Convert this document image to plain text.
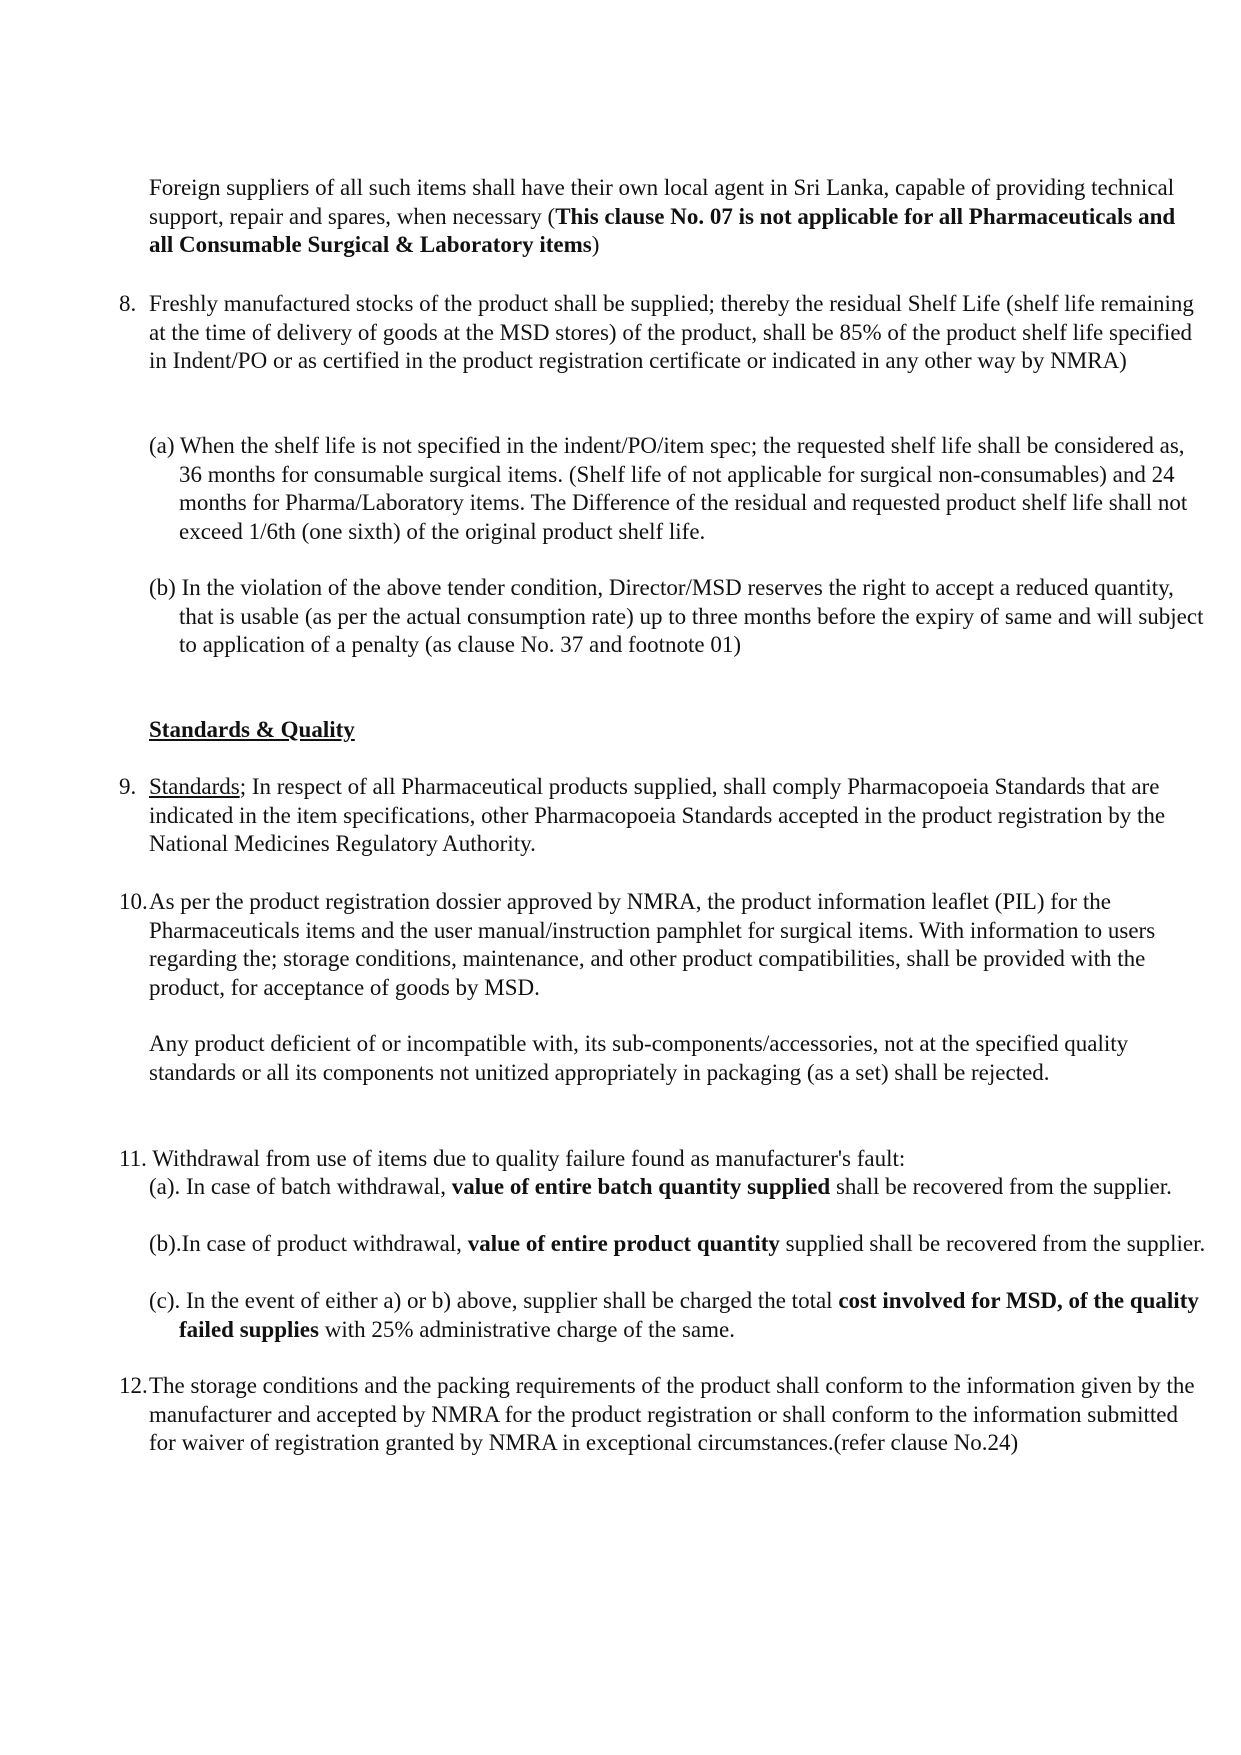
Foreign suppliers of all such items shall have their own local agent in Sri Lanka, capable of providing technical support, repair and spares, when necessary (This clause No. 07 is not applicable for all Pharmaceuticals and all Consumable Surgical & Laboratory items)

8. Freshly manufactured stocks of the product shall be supplied; thereby the residual Shelf Life (shelf life remaining at the time of delivery of goods at the MSD stores) of the product, shall be 85% of the product shelf life specified in Indent/PO or as certified in the product registration certificate or indicated in any other way by NMRA)

(a) When the shelf life is not specified in the indent/PO/item spec; the requested shelf life shall be considered as, 36 months for consumable surgical items. (Shelf life of not applicable for surgical non-consumables) and 24 months for Pharma/Laboratory items. The Difference of the residual and requested product shelf life shall not exceed 1/6th (one sixth) of the original product shelf life.

(b) In the violation of the above tender condition, Director/MSD reserves the right to accept a reduced quantity, that is usable (as per the actual consumption rate) up to three months before the expiry of same and will subject to application of a penalty (as clause No. 37 and footnote 01)

Standards & Quality

9. Standards; In respect of all Pharmaceutical products supplied, shall comply Pharmacopoeia Standards that are indicated in the item specifications, other Pharmacopoeia Standards accepted in the product registration by the National Medicines Regulatory Authority.

10.As per the product registration dossier approved by NMRA, the product information leaflet (PIL) for the Pharmaceuticals items and the user manual/instruction pamphlet for surgical items. With information to users regarding the; storage conditions, maintenance, and other product compatibilities, shall be provided with the product, for acceptance of goods by MSD.

Any product deficient of or incompatible with, its sub-components/accessories, not at the specified quality standards or all its components not unitized appropriately in packaging (as a set) shall be rejected.

11. Withdrawal from use of items due to quality failure found as manufacturer's fault:

(a). In case of batch withdrawal, value of entire batch quantity supplied shall be recovered from the supplier.

(b).In case of product withdrawal, value of entire product quantity supplied shall be recovered from the supplier.

(c). In the event of either a) or b) above, supplier shall be charged the total cost involved for MSD, of the quality failed supplies with 25% administrative charge of the same.

12.The storage conditions and the packing requirements of the product shall conform to the information given by the manufacturer and accepted by NMRA for the product registration or shall conform to the information submitted for waiver of registration granted by NMRA in exceptional circumstances.(refer clause No.24)
